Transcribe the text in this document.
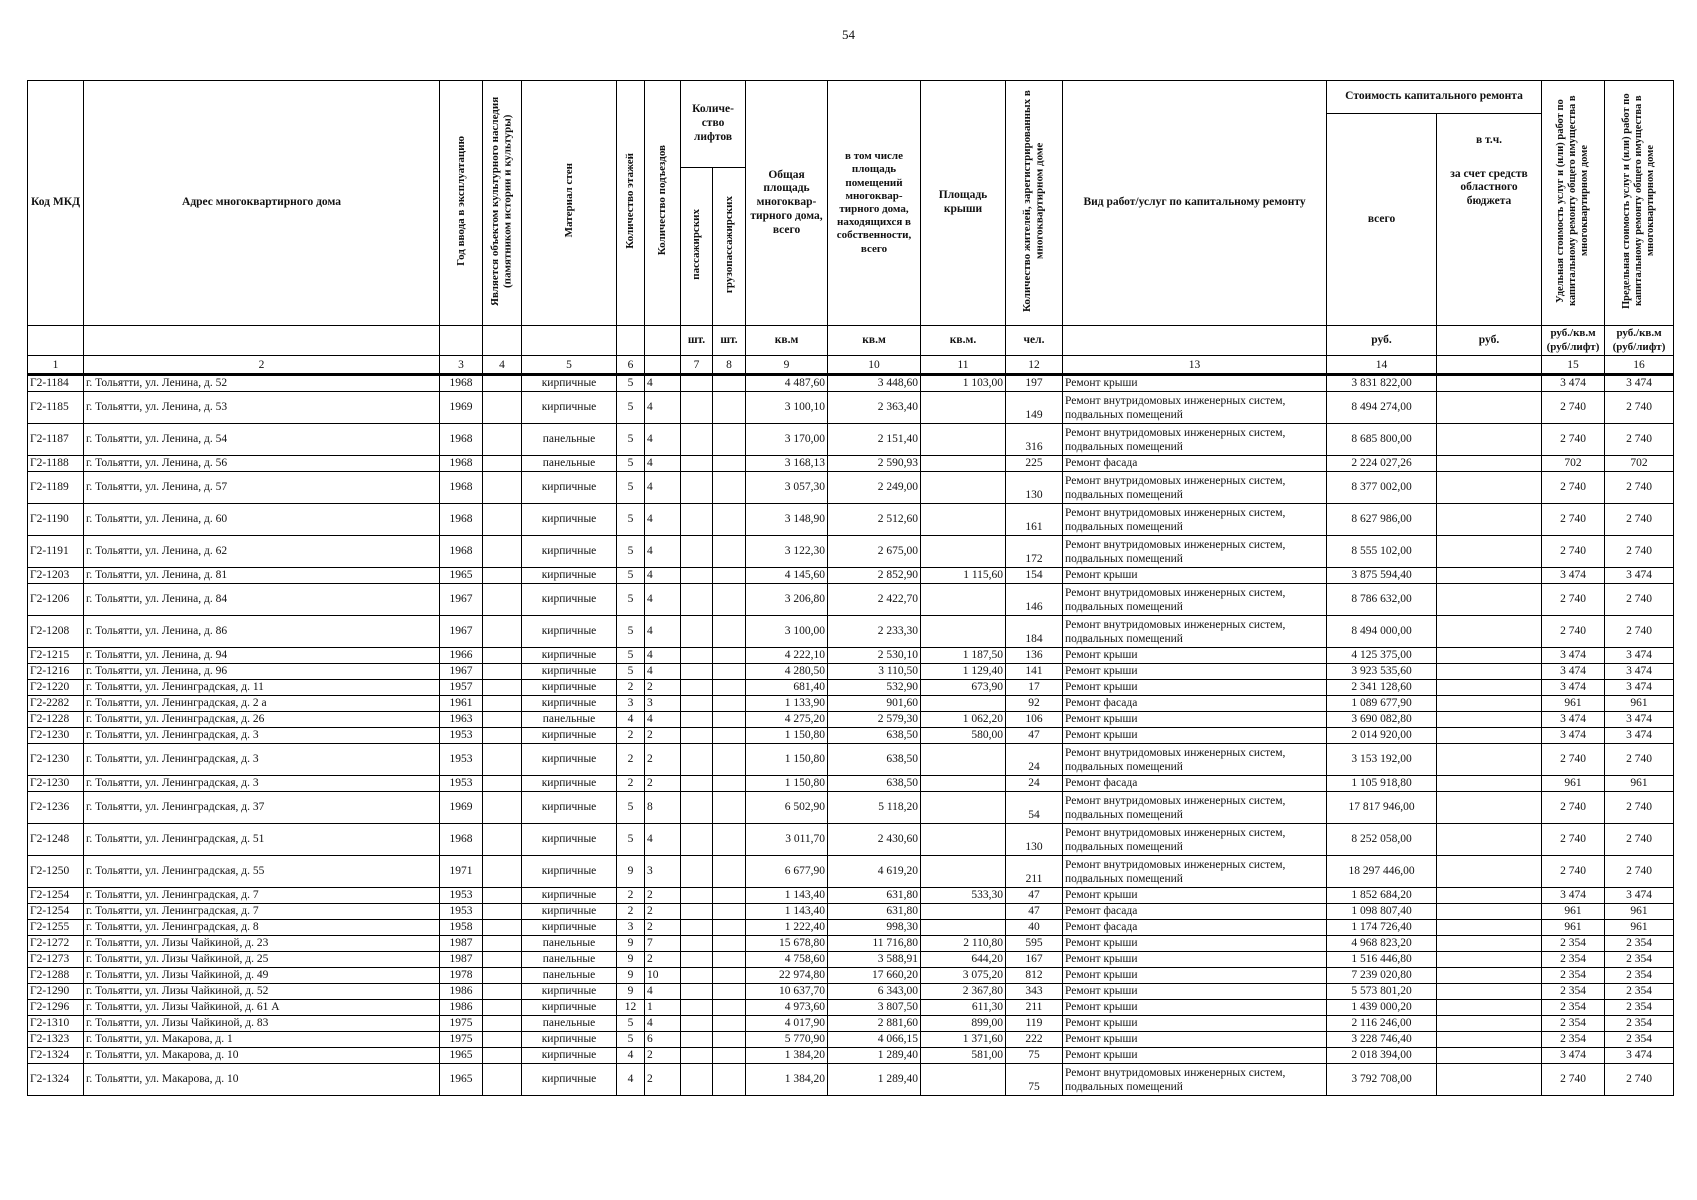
54
Код МКД	Адрес многоквартирного дома	Год ввода в эксплуатацию	Является объектом культурного наследия (памятником истории и культуры)	Материал стен	Количество этажей	Количество подъездов	Количе-ство лифтов		Общая площадь многоквар-тирного дома, всего	в том числе площадь помещений многоквар-тирного дома, находящихся в собственности, всего	Площадь крыши	Количество жителей, зарегистрированных в многоквартирном доме	Вид работ/услуг по капитальному ремонту	Стоимость капитального ремонта		Удельная стоимость услуг и (или) работ по капитальному ремонту общего имущества в многоквартирном доме	Предельная стоимость услуг и (или) работ по капитальному ремонту общего имущества в многоквартирном доме
														всего	в т.ч.		
							пассажирских	грузопассажирских							за счет средств областного бюджета		
							шт.	шт.	кв.м	кв.м	кв.м.	чел.		руб.	руб.	руб./кв.м (руб/лифт)	руб./кв.м (руб/лифт)
1	2	3	4	5	6		7	8	9	10	11	12	13	14		15	16
Г2-1184	г. Тольятти, ул. Ленина, д. 52	1968		кирпичные	5	4			4 487,60	3 448,60	1 103,00	197	Ремонт крыши	3 831 822,00		3 474	3 474
Г2-1185	г. Тольятти, ул. Ленина, д. 53	1969		кирпичные	5	4			3 100,10	2 363,40		149	Ремонт внутридомовых инженерных систем, подвальных помещений	8 494 274,00		2 740	2 740
Г2-1187	г. Тольятти, ул. Ленина, д. 54	1968		панельные	5	4			3 170,00	2 151,40		316	Ремонт внутридомовых инженерных систем, подвальных помещений	8 685 800,00		2 740	2 740
Г2-1188	г. Тольятти, ул. Ленина, д. 56	1968		панельные	5	4			3 168,13	2 590,93		225	Ремонт фасада	2 224 027,26		702	702
Г2-1189	г. Тольятти, ул. Ленина, д. 57	1968		кирпичные	5	4			3 057,30	2 249,00		130	Ремонт внутридомовых инженерных систем, подвальных помещений	8 377 002,00		2 740	2 740
Г2-1190	г. Тольятти, ул. Ленина, д. 60	1968		кирпичные	5	4			3 148,90	2 512,60		161	Ремонт внутридомовых инженерных систем, подвальных помещений	8 627 986,00		2 740	2 740
Г2-1191	г. Тольятти, ул. Ленина, д. 62	1968		кирпичные	5	4			3 122,30	2 675,00		172	Ремонт внутридомовых инженерных систем, подвальных помещений	8 555 102,00		2 740	2 740
Г2-1203	г. Тольятти, ул. Ленина, д. 81	1965		кирпичные	5	4			4 145,60	2 852,90	1 115,60	154	Ремонт крыши	3 875 594,40		3 474	3 474
Г2-1206	г. Тольятти, ул. Ленина, д. 84	1967		кирпичные	5	4			3 206,80	2 422,70		146	Ремонт внутридомовых инженерных систем, подвальных помещений	8 786 632,00		2 740	2 740
Г2-1208	г. Тольятти, ул. Ленина, д. 86	1967		кирпичные	5	4			3 100,00	2 233,30		184	Ремонт внутридомовых инженерных систем, подвальных помещений	8 494 000,00		2 740	2 740
Г2-1215	г. Тольятти, ул. Ленина, д. 94	1966		кирпичные	5	4			4 222,10	2 530,10	1 187,50	136	Ремонт крыши	4 125 375,00		3 474	3 474
Г2-1216	г. Тольятти, ул. Ленина, д. 96	1967		кирпичные	5	4			4 280,50	3 110,50	1 129,40	141	Ремонт крыши	3 923 535,60		3 474	3 474
Г2-1220	г. Тольятти, ул. Ленинградская, д. 11	1957		кирпичные	2	2			681,40	532,90	673,90	17	Ремонт крыши	2 341 128,60		3 474	3 474
Г2-2282	г. Тольятти, ул. Ленинградская, д. 2 а	1961		кирпичные	3	3			1 133,90	901,60		92	Ремонт фасада	1 089 677,90		961	961
Г2-1228	г. Тольятти, ул. Ленинградская, д. 26	1963		панельные	4	4			4 275,20	2 579,30	1 062,20	106	Ремонт крыши	3 690 082,80		3 474	3 474
Г2-1230	г. Тольятти, ул. Ленинградская, д. 3	1953		кирпичные	2	2			1 150,80	638,50	580,00	47	Ремонт крыши	2 014 920,00		3 474	3 474
Г2-1230	г. Тольятти, ул. Ленинградская, д. 3	1953		кирпичные	2	2			1 150,80	638,50		24	Ремонт внутридомовых инженерных систем, подвальных помещений	3 153 192,00		2 740	2 740
Г2-1230	г. Тольятти, ул. Ленинградская, д. 3	1953		кирпичные	2	2			1 150,80	638,50		24	Ремонт фасада	1 105 918,80		961	961
Г2-1236	г. Тольятти, ул. Ленинградская, д. 37	1969		кирпичные	5	8			6 502,90	5 118,20		54	Ремонт внутридомовых инженерных систем, подвальных помещений	17 817 946,00		2 740	2 740
Г2-1248	г. Тольятти, ул. Ленинградская, д. 51	1968		кирпичные	5	4			3 011,70	2 430,60		130	Ремонт внутридомовых инженерных систем, подвальных помещений	8 252 058,00		2 740	2 740
Г2-1250	г. Тольятти, ул. Ленинградская, д. 55	1971		кирпичные	9	3			6 677,90	4 619,20		211	Ремонт внутридомовых инженерных систем, подвальных помещений	18 297 446,00		2 740	2 740
Г2-1254	г. Тольятти, ул. Ленинградская, д. 7	1953		кирпичные	2	2			1 143,40	631,80	533,30	47	Ремонт крыши	1 852 684,20		3 474	3 474
Г2-1254	г. Тольятти, ул. Ленинградская, д. 7	1953		кирпичные	2	2			1 143,40	631,80		47	Ремонт фасада	1 098 807,40		961	961
Г2-1255	г. Тольятти, ул. Ленинградская, д. 8	1958		кирпичные	3	2			1 222,40	998,30		40	Ремонт фасада	1 174 726,40		961	961
Г2-1272	г. Тольятти, ул. Лизы Чайкиной, д. 23	1987		панельные	9	7			15 678,80	11 716,80	2 110,80	595	Ремонт крыши	4 968 823,20		2 354	2 354
Г2-1273	г. Тольятти, ул. Лизы Чайкиной, д. 25	1987		панельные	9	2			4 758,60	3 588,91	644,20	167	Ремонт крыши	1 516 446,80		2 354	2 354
Г2-1288	г. Тольятти, ул. Лизы Чайкиной, д. 49	1978		панельные	9	10			22 974,80	17 660,20	3 075,20	812	Ремонт крыши	7 239 020,80		2 354	2 354
Г2-1290	г. Тольятти, ул. Лизы Чайкиной, д. 52	1986		кирпичные	9	4			10 637,70	6 343,00	2 367,80	343	Ремонт крыши	5 573 801,20		2 354	2 354
Г2-1296	г. Тольятти, ул. Лизы Чайкиной, д. 61 А	1986		кирпичные	12	1			4 973,60	3 807,50	611,30	211	Ремонт крыши	1 439 000,20		2 354	2 354
Г2-1310	г. Тольятти, ул. Лизы Чайкиной, д. 83	1975		панельные	5	4			4 017,90	2 881,60	899,00	119	Ремонт крыши	2 116 246,00		2 354	2 354
Г2-1323	г. Тольятти, ул. Макарова, д. 1	1975		кирпичные	5	6			5 770,90	4 066,15	1 371,60	222	Ремонт крыши	3 228 746,40		2 354	2 354
Г2-1324	г. Тольятти, ул. Макарова, д. 10	1965		кирпичные	4	2			1 384,20	1 289,40	581,00	75	Ремонт крыши	2 018 394,00		3 474	3 474
Г2-1324	г. Тольятти, ул. Макарова, д. 10	1965		кирпичные	4	2			1 384,20	1 289,40		75	Ремонт внутридомовых инженерных систем, подвальных помещений	3 792 708,00		2 740	2 740
